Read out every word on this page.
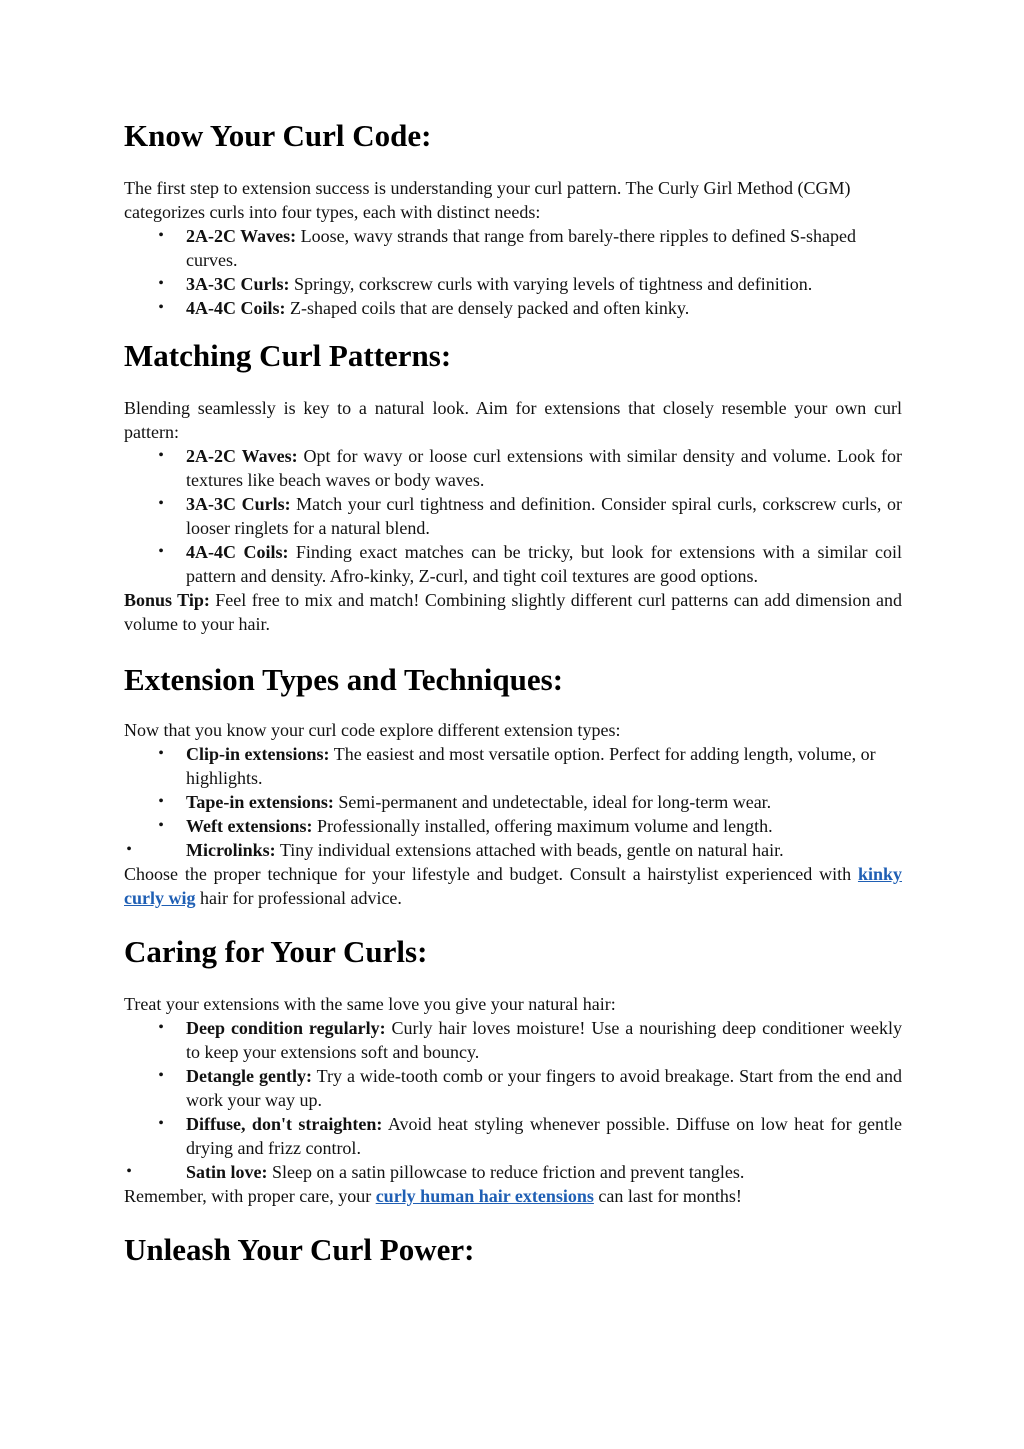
Know Your Curl Code:

The first step to extension success is understanding your curl pattern. The Curly Girl Method (CGM) categorizes curls into four types, each with distinct needs:

• 2A-2C Waves: Loose, wavy strands that range from barely-there ripples to defined S-shaped curves.
• 3A-3C Curls: Springy, corkscrew curls with varying levels of tightness and definition.
• 4A-4C Coils: Z-shaped coils that are densely packed and often kinky.
Matching Curl Patterns:

Blending seamlessly is key to a natural look. Aim for extensions that closely resemble your own curl pattern:

• 2A-2C Waves: Opt for wavy or loose curl extensions with similar density and volume. Look for textures like beach waves or body waves.
• 3A-3C Curls: Match your curl tightness and definition. Consider spiral curls, corkscrew curls, or looser ringlets for a natural blend.
• 4A-4C Coils: Finding exact matches can be tricky, but look for extensions with a similar coil pattern and density. Afro-kinky, Z-curl, and tight coil textures are good options.

Bonus Tip: Feel free to mix and match! Combining slightly different curl patterns can add dimension and volume to your hair.

Extension Types and Techniques:

Now that you know your curl code explore different extension types:

• Clip-in extensions: The easiest and most versatile option. Perfect for adding length, volume, or highlights.
• Tape-in extensions: Semi-permanent and undetectable, ideal for long-term wear.
• Weft extensions: Professionally installed, offering maximum volume and length.
•	Microlinks: Tiny individual extensions attached with beads, gentle on natural hair.

Choose the proper technique for your lifestyle and budget. Consult a hairstylist experienced with kinky curly wig hair for professional advice.

Caring for Your Curls:

Treat your extensions with the same love you give your natural hair:

• Deep condition regularly: Curly hair loves moisture! Use a nourishing deep conditioner weekly to keep your extensions soft and bouncy.
• Detangle gently: Try a wide-tooth comb or your fingers to avoid breakage. Start from the end and work your way up.
• Diffuse, don't straighten: Avoid heat styling whenever possible. Diffuse on low heat for gentle drying and frizz control.
•	Satin love: Sleep on a satin pillowcase to reduce friction and prevent tangles.

Remember, with proper care, your curly human hair extensions can last for months!

Unleash Your Curl Power:
